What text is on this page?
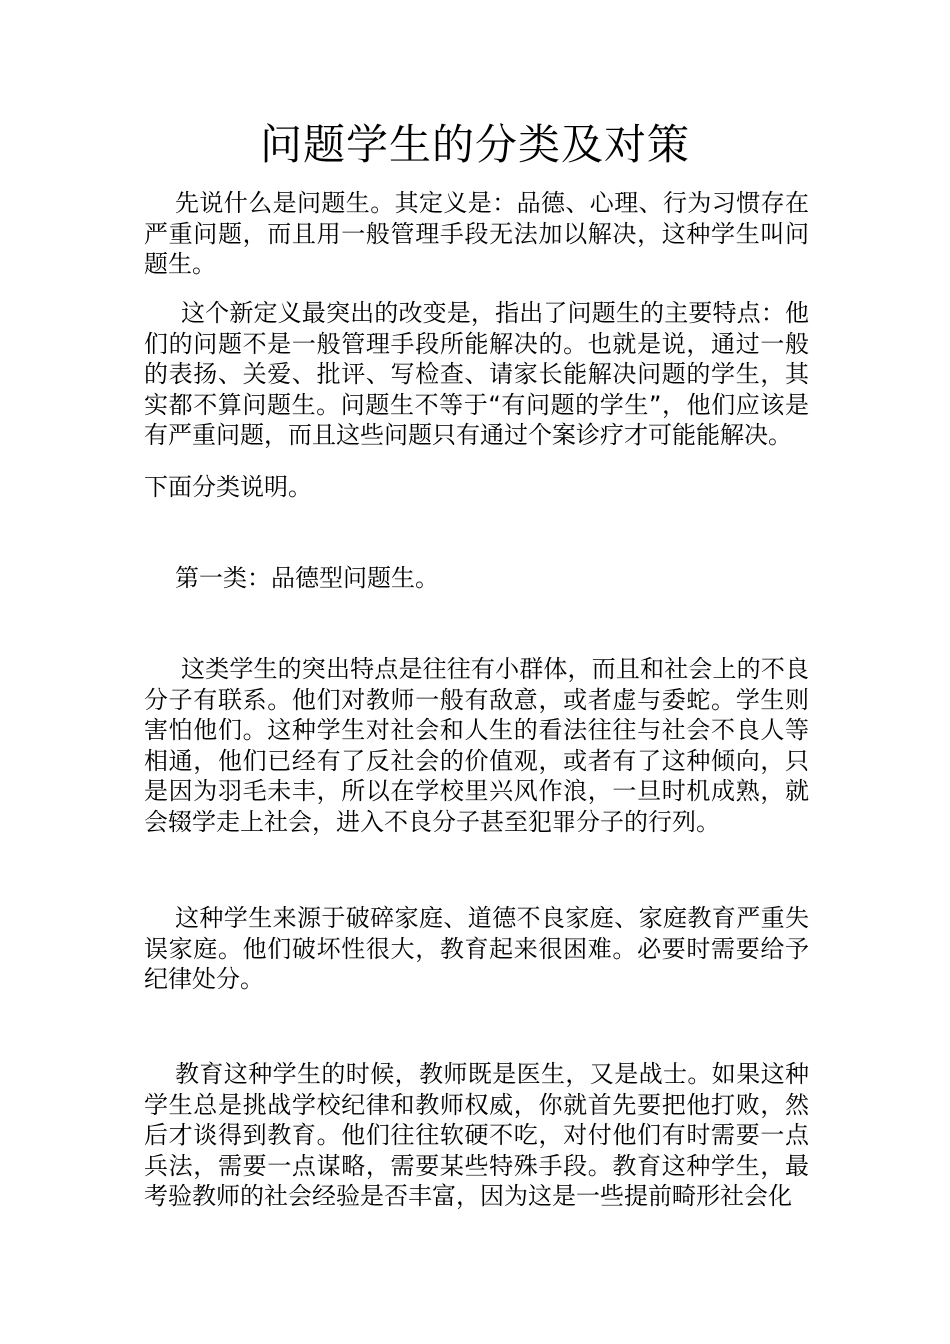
问题学生的分类及对策

先说什么是问题生。其定义是：品德、心理、行为习惯存在严重问题，而且用一般管理手段无法加以解决，这种学生叫问题生。

这个新定义最突出的改变是，指出了问题生的主要特点：他们的问题不是一般管理手段所能解决的。也就是说，通过一般的表扬、关爱、批评、写检查、请家长能解决问题的学生，其实都不算问题生。问题生不等于“有问题的学生”，他们应该是有严重问题，而且这些问题只有通过个案诊疗才可能能解决。

下面分类说明。

第一类：品德型问题生。

这类学生的突出特点是往往有小群体，而且和社会上的不良分子有联系。他们对教师一般有敌意，或者虚与委蛇。学生则害怕他们。这种学生对社会和人生的看法往往与社会不良人等相通，他们已经有了反社会的价值观，或者有了这种倾向，只是因为羽毛未丰，所以在学校里兴风作浪，一旦时机成熟，就会辍学走上社会，进入不良分子甚至犯罪分子的行列。

这种学生来源于破碎家庭、道德不良家庭、家庭教育严重失误家庭。他们破坏性很大，教育起来很困难。必要时需要给予纪律处分。

教育这种学生的时候，教师既是医生，又是战士。如果这种学生总是挑战学校纪律和教师权威，你就首先要把他打败，然后才谈得到教育。他们往往软硬不吃，对付他们有时需要一点兵法，需要一点谋略，需要某些特殊手段。教育这种学生，最考验教师的社会经验是否丰富，因为这是一些提前畸形社会化
